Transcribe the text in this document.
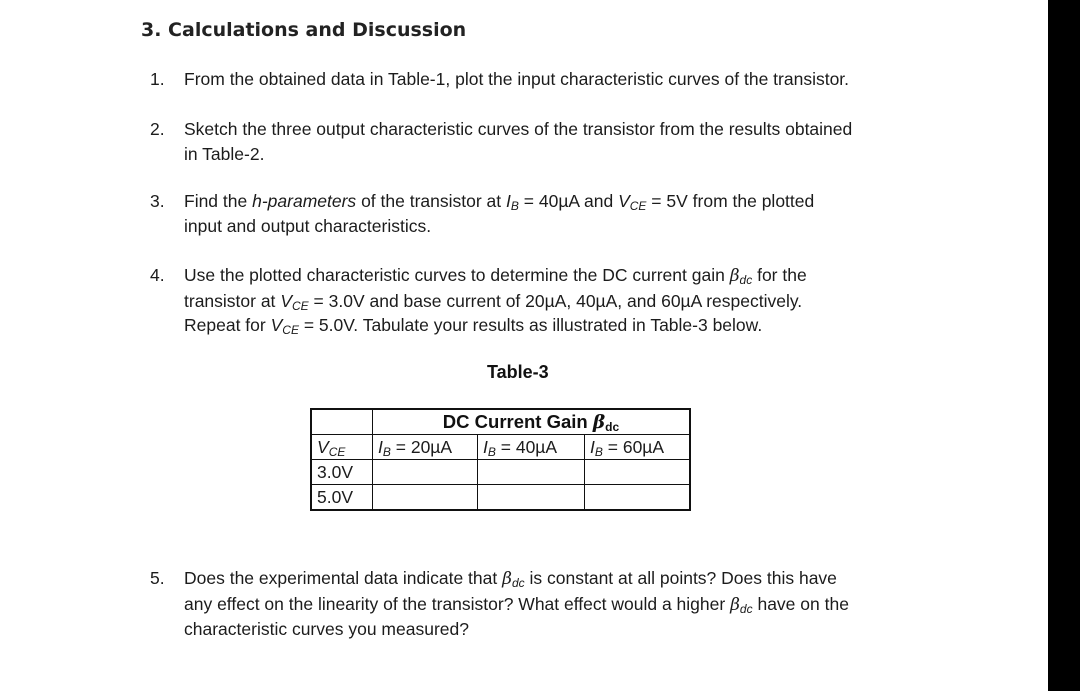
3. Calculations and Discussion
1. From the obtained data in Table-1, plot the input characteristic curves of the transistor.

2. Sketch the three output characteristic curves of the transistor from the results obtained

in Table-2.

3. Find the h-parameters of the transistor at $I_B = 40\mu A$ and $V_{CE} = 5V$ from the plotted

input and output characteristics.

4. Use the plotted characteristic curves to determine the DC current gain $\beta_{dc}$ for the

transistor at $V_{CE} = 3.0V$ and base current of 20µA, 40µA, and 60µA respectively.

Repeat for $V_{CE} = 5.0V$. Tabulate your results as illustrated in Table-3 below.

Table-3
	DC Current Gain $\beta_{dc}$
$V_{CE}$	$I_B = 20\mu A$	$I_B = 40\mu A$	$I_B = 60\mu A$
3.0V			
5.0V			
5. Does the experimental data indicate that $\beta_{dc}$ is constant at all points? Does this have

any effect on the linearity of the transistor? What effect would a higher $\beta_{dc}$ have on the

characteristic curves you measured?
